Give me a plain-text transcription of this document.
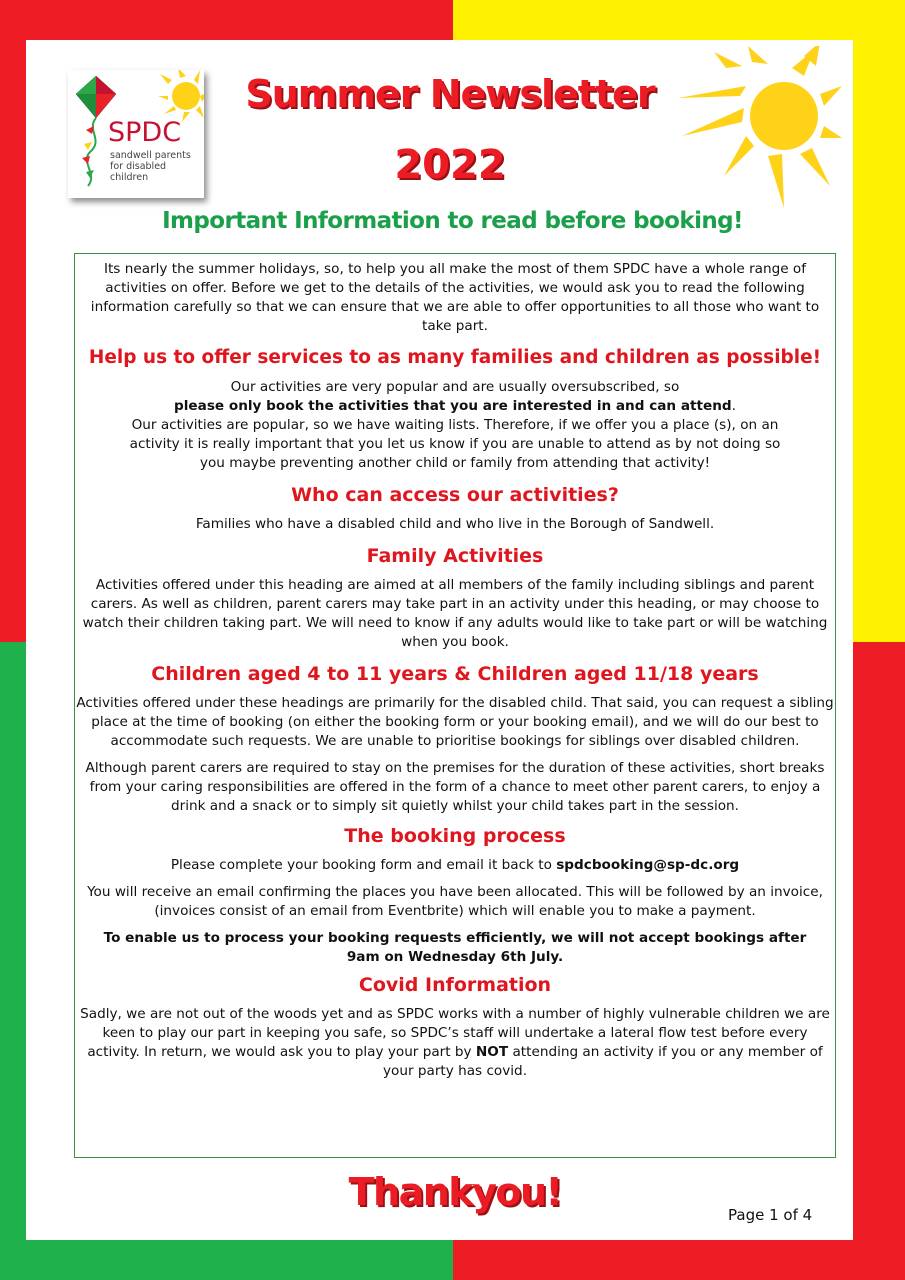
SPDC
sandwell parents for disabled children
Summer Newsletter
2022
Important Information to read before booking!

Its nearly the summer holidays, so, to help you all make the most of them SPDC have a whole range of activities on offer. Before we get to the details of the activities, we would ask you to read the following information carefully so that we can ensure that we are able to offer opportunities to all those who want to take part.

Help us to offer services to as many families and children as possible!

Our activities are very popular and are usually oversubscribed, so

please only book the activities that you are interested in and can attend.

Our activities are popular, so we have waiting lists. Therefore, if we offer you a place (s), on an activity it is really important that you let us know if you are unable to attend as by not doing so you maybe preventing another child or family from attending that activity!

Who can access our activities?

Families who have a disabled child and who live in the Borough of Sandwell.

Family Activities

Activities offered under this heading are aimed at all members of the family including siblings and parent carers. As well as children, parent carers may take part in an activity under this heading, or may choose to watch their children taking part. We will need to know if any adults would like to take part or will be watching when you book.

Children aged 4 to 11 years & Children aged 11/18 years

Activities offered under these headings are primarily for the disabled child. That said, you can request a sibling place at the time of booking (on either the booking form or your booking email), and we will do our best to accommodate such requests. We are unable to prioritise bookings for siblings over disabled children.

Although parent carers are required to stay on the premises for the duration of these activities, short breaks from your caring responsibilities are offered in the form of a chance to meet other parent carers, to enjoy a drink and a snack or to simply sit quietly whilst your child takes part in the session.

The booking process

Please complete your booking form and email it back to spdcbooking@sp-dc.org

You will receive an email confirming the places you have been allocated. This will be followed by an invoice, (invoices consist of an email from Eventbrite) which will enable you to make a payment.

To enable us to process your booking requests efficiently, we will not accept bookings after 9am on Wednesday 6th July.

Covid Information

Sadly, we are not out of the woods yet and as SPDC works with a number of highly vulnerable children we are keen to play our part in keeping you safe, so SPDC’s staff will undertake a lateral flow test before every activity. In return, we would ask you to play your part by NOT attending an activity if you or any member of your party has covid.

Thankyou!
Page 1 of 4
